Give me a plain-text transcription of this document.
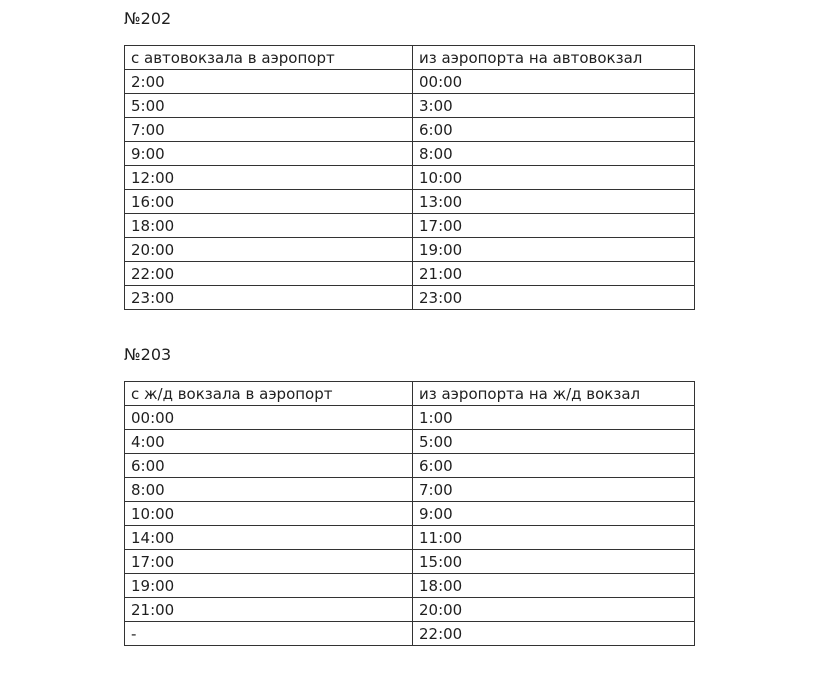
№202

с автовокзала в аэропорт	из аэропорта на автовокзал
2:00	00:00
5:00	3:00
7:00	6:00
9:00	8:00
12:00	10:00
16:00	13:00
18:00	17:00
20:00	19:00
22:00	21:00
23:00	23:00

№203

с ж/д вокзала в аэропорт	из аэропорта на ж/д вокзал
00:00	1:00
4:00	5:00
6:00	6:00
8:00	7:00
10:00	9:00
14:00	11:00
17:00	15:00
19:00	18:00
21:00	20:00
-	22:00
